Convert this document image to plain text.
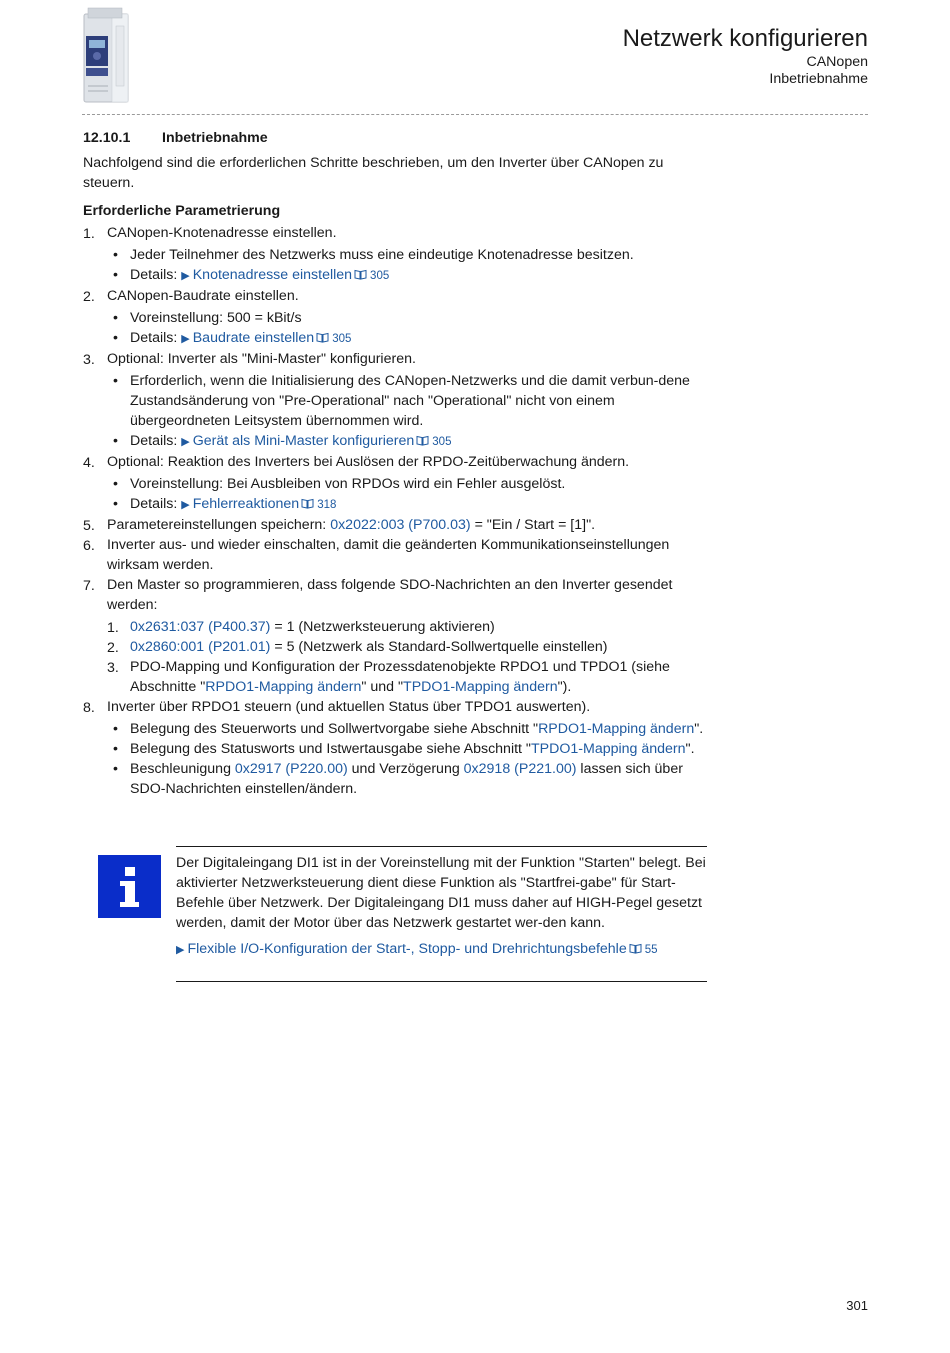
Netzwerk konfigurieren
CANopen
Inbetriebnahme
12.10.1 Inbetriebnahme

Nachfolgend sind die erforderlichen Schritte beschrieben, um den Inverter über CANopen zu steuern.

Erforderliche Parametrierung
1. CANopen-Knotenadresse einstellen.
• Jeder Teilnehmer des Netzwerks muss eine eindeutige Knotenadresse besitzen.
• Details: ▶ Knotenadresse einstellen 305
2. CANopen-Baudrate einstellen.
• Voreinstellung: 500 = kBit/s
• Details: ▶ Baudrate einstellen 305
3. Optional: Inverter als "Mini-Master" konfigurieren.
• Erforderlich, wenn die Initialisierung des CANopen-Netzwerks und die damit verbun-dene Zustandsänderung von "Pre-Operational" nach "Operational" nicht von einem übergeordneten Leitsystem übernommen wird.
• Details: ▶ Gerät als Mini-Master konfigurieren 305
4. Optional: Reaktion des Inverters bei Auslösen der RPDO-Zeitüberwachung ändern.
• Voreinstellung: Bei Ausbleiben von RPDOs wird ein Fehler ausgelöst.
• Details: ▶ Fehlerreaktionen 318
5. Parametereinstellungen speichern: 0x2022:003 (P700.03) = "Ein / Start = [1]".
6. Inverter aus- und wieder einschalten, damit die geänderten Kommunikationseinstellungen wirksam werden.
7. Den Master so programmieren, dass folgende SDO-Nachrichten an den Inverter gesendet werden:
1. 0x2631:037 (P400.37) = 1 (Netzwerksteuerung aktivieren)
2. 0x2860:001 (P201.01) = 5 (Netzwerk als Standard-Sollwertquelle einstellen)
3. PDO-Mapping und Konfiguration der Prozessdatenobjekte RPDO1 und TPDO1 (siehe Abschnitte "RPDO1-Mapping ändern" und "TPDO1-Mapping ändern").
8. Inverter über RPDO1 steuern (und aktuellen Status über TPDO1 auswerten).
• Belegung des Steuerworts und Sollwertvorgabe siehe Abschnitt "RPDO1-Mapping ändern".
• Belegung des Statusworts und Istwertausgabe siehe Abschnitt "TPDO1-Mapping ändern".
• Beschleunigung 0x2917 (P220.00) und Verzögerung 0x2918 (P221.00) lassen sich über SDO-Nachrichten einstellen/ändern.

Der Digitaleingang DI1 ist in der Voreinstellung mit der Funktion "Starten" belegt. Bei aktivierter Netzwerksteuerung dient diese Funktion als "Startfrei-gabe" für Start-Befehle über Netzwerk. Der Digitaleingang DI1 muss daher auf HIGH-Pegel gesetzt werden, damit der Motor über das Netzwerk gestartet wer-den kann.

▶ Flexible I/O-Konfiguration der Start-, Stopp- und Drehrichtungsbefehle 55
301
